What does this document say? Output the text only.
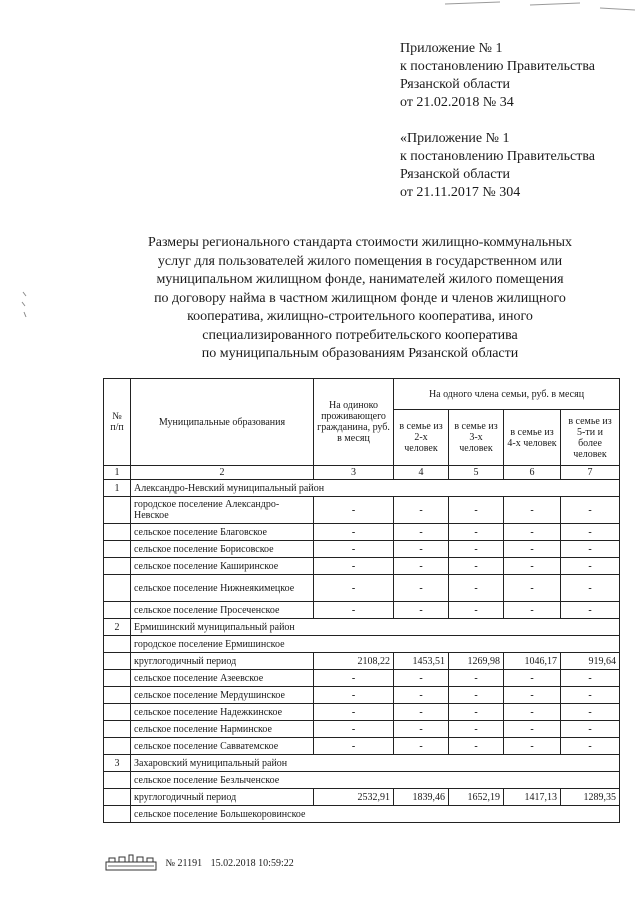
Приложение № 1
к постановлению Правительства
Рязанской области
от 21.02.2018 № 34
«Приложение № 1
к постановлению Правительства
Рязанской области
от 21.11.2017 № 304
Размеры регионального стандарта стоимости жилищно-коммунальных
услуг для пользователей жилого помещения в государственном или
муниципальном жилищном фонде, нанимателей жилого помещения
по договору найма в частном жилищном фонде и членов жилищного
кооператива, жилищно-строительного кооператива, иного
специализированного потребительского кооператива
по муниципальным образованиям Рязанской области
№ п/п	Муниципальные образования	На одиноко проживающего гражданина, руб. в месяц	На одного члена семьи, руб. в месяц			
			в семье из 2-х человек	в семье из 3-х человек	в семье из 4-х человек	в семье из 5-ти и более человек
1	2	3	4	5	6	7
1	Александро-Невский муниципальный район					
	городское поселение Александро-Невское	-	-	-	-	-
	сельское поселение Благовское	-	-	-	-	-
	сельское поселение Борисовское	-	-	-	-	-
	сельское поселение Каширинское	-	-	-	-	-
	сельское поселение Нижнеякимецкое	-	-	-	-	-
	сельское поселение Просеченское	-	-	-	-	-
2	Ермишинский муниципальный район					
	городское поселение Ермишинское					
	круглогодичный период	2108,22	1453,51	1269,98	1046,17	919,64
	сельское поселение Азеевское	-	-	-	-	-
	сельское поселение Мердушинское	-	-	-	-	-
	сельское поселение Надежкинское	-	-	-	-	-
	сельское поселение Нарминское	-	-	-	-	-
	сельское поселение Савватемское	-	-	-	-	-
3	Захаровский муниципальный район					
	сельское поселение Безлыченское					
	круглогодичный период	2532,91	1839,46	1652,19	1417,13	1289,35
	сельское поселение Большекоровинское					
№ 21191 15.02.2018 10:59:22
